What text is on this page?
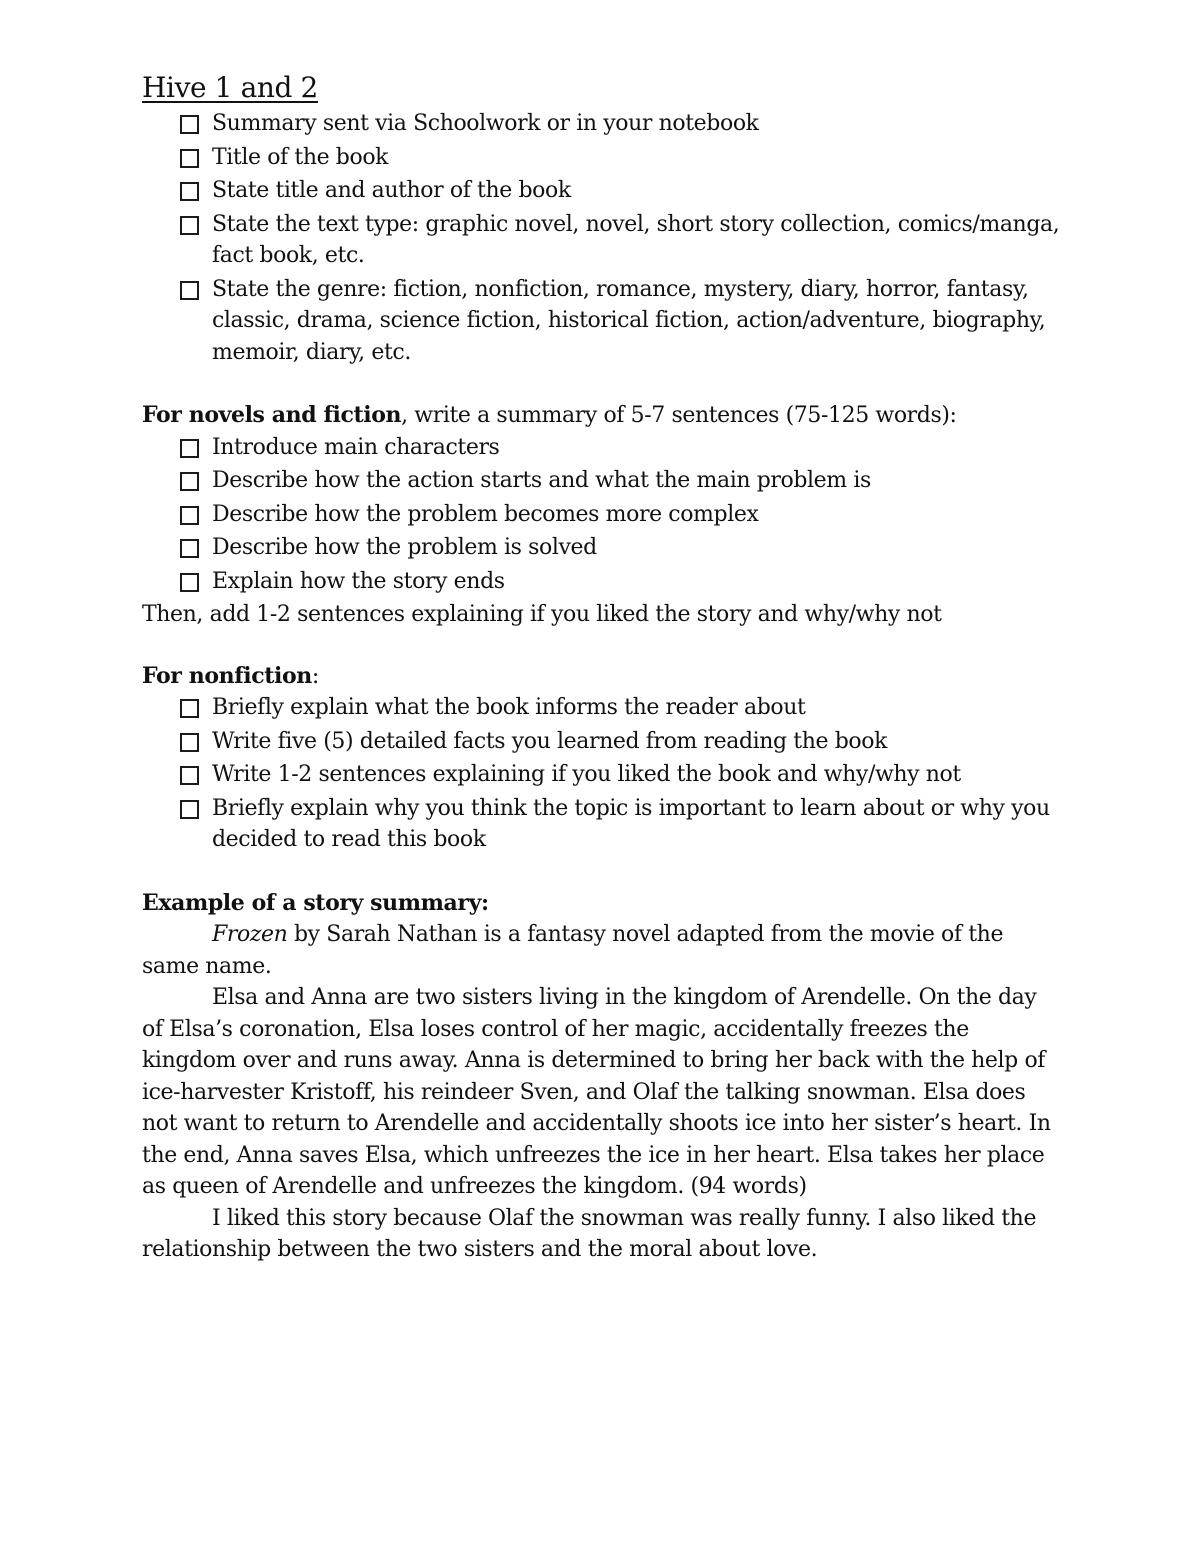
Hive 1 and 2
Summary sent via Schoolwork or in your notebook
Title of the book
State title and author of the book
State the text type: graphic novel, novel, short story collection, comics/manga, fact book, etc.
State the genre: fiction, nonfiction, romance, mystery, diary, horror, fantasy, classic, drama, science fiction, historical fiction, action/adventure, biography, memoir, diary, etc.

For novels and fiction, write a summary of 5-7 sentences (75-125 words):

Introduce main characters
Describe how the action starts and what the main problem is
Describe how the problem becomes more complex
Describe how the problem is solved
Explain how the story ends

Then, add 1-2 sentences explaining if you liked the story and why/why not

For nonfiction:

Briefly explain what the book informs the reader about
Write five (5) detailed facts you learned from reading the book
Write 1-2 sentences explaining if you liked the book and why/why not
Briefly explain why you think the topic is important to learn about or why you decided to read this book

Example of a story summary:

Frozen by Sarah Nathan is a fantasy novel adapted from the movie of the same name.

Elsa and Anna are two sisters living in the kingdom of Arendelle. On the day of Elsa’s coronation, Elsa loses control of her magic, accidentally freezes the kingdom over and runs away. Anna is determined to bring her back with the help of ice-harvester Kristoff, his reindeer Sven, and Olaf the talking snowman. Elsa does not want to return to Arendelle and accidentally shoots ice into her sister’s heart. In the end, Anna saves Elsa, which unfreezes the ice in her heart. Elsa takes her place as queen of Arendelle and unfreezes the kingdom. (94 words)

I liked this story because Olaf the snowman was really funny. I also liked the relationship between the two sisters and the moral about love.
